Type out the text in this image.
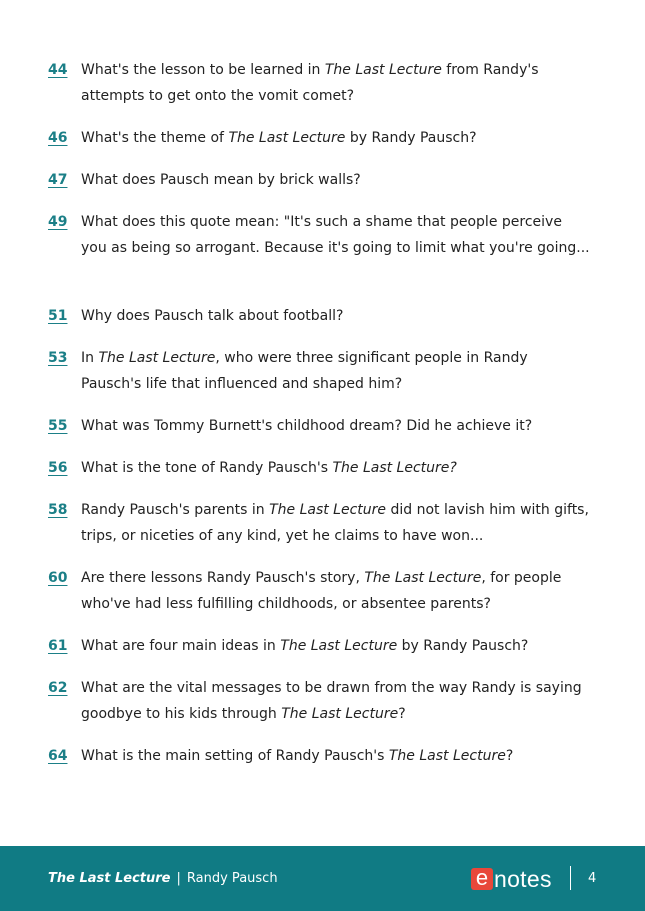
44 What's the lesson to be learned in The Last Lecture from Randy's attempts to get onto the vomit comet?
46 What's the theme of The Last Lecture by Randy Pausch?
47 What does Pausch mean by brick walls?
49 What does this quote mean: "It's such a shame that people perceive you as being so arrogant. Because it's going to limit what you're going...
51 Why does Pausch talk about football?
53 In The Last Lecture, who were three significant people in Randy Pausch's life that influenced and shaped him?
55 What was Tommy Burnett's childhood dream? Did he achieve it?
56 What is the tone of Randy Pausch's The Last Lecture?
58 Randy Pausch's parents in The Last Lecture did not lavish him with gifts, trips, or niceties of any kind, yet he claims to have won...
60 Are there lessons Randy Pausch's story, The Last Lecture, for people who've had less fulfilling childhoods, or absentee parents?
61 What are four main ideas in The Last Lecture by Randy Pausch?
62 What are the vital messages to be drawn from the way Randy is saying goodbye to his kids through The Last Lecture?
64 What is the main setting of Randy Pausch's The Last Lecture?
The Last Lecture | Randy Pausch	e notes	4
